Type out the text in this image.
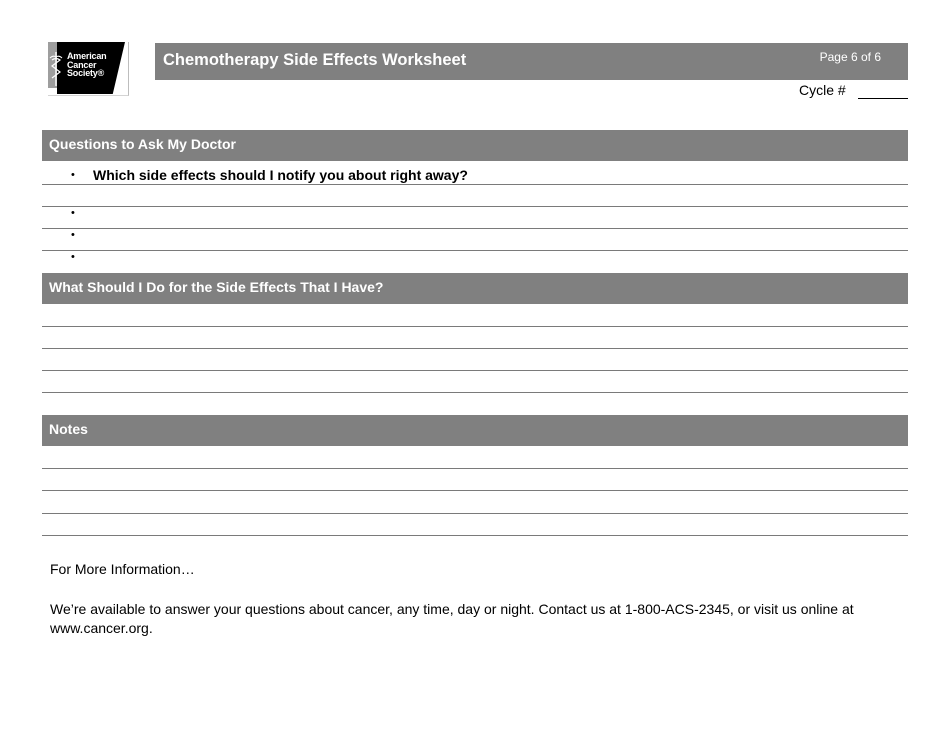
American
Cancer
Society®
Chemotherapy Side Effects Worksheet	Page 6 of 6
Cycle #
Questions to Ask My Doctor
• Which side effects should I notify you about right away?
•
•
•
What Should I Do for the Side Effects That I Have?
Notes
For More Information…
We’re available to answer your questions about cancer, any time, day or night. Contact us at 1-800-ACS-2345, or visit us online at www.cancer.org.
